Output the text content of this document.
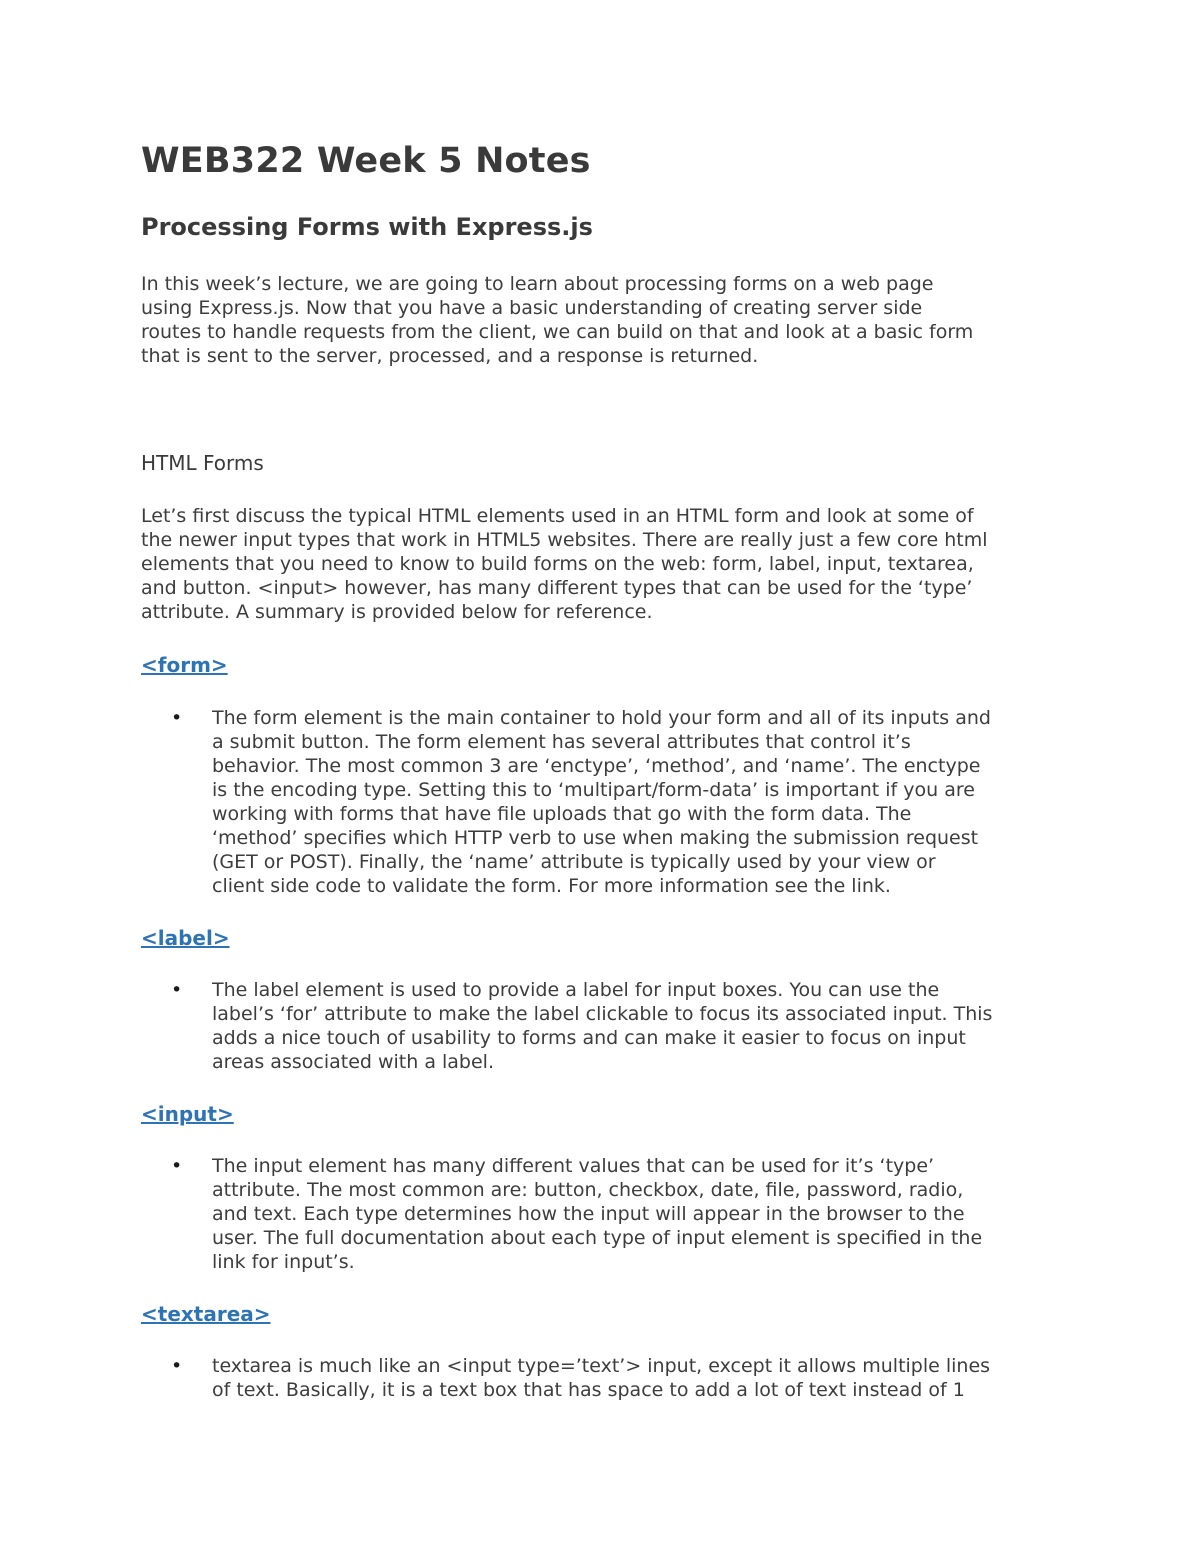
WEB322 Week 5 Notes
Processing Forms with Express.js

In this week’s lecture, we are going to learn about processing forms on a web page
using Express.js. Now that you have a basic understanding of creating server side
routes to handle requests from the client, we can build on that and look at a basic form
that is sent to the server, processed, and a response is returned.

HTML Forms

Let’s first discuss the typical HTML elements used in an HTML form and look at some of
the newer input types that work in HTML5 websites. There are really just a few core html
elements that you need to know to build forms on the web: form, label, input, textarea,
and button. <input> however, has many different types that can be used for the ‘type’
attribute. A summary is provided below for reference.

<form>
• The form element is the main container to hold your form and all of its inputs and
a submit button. The form element has several attributes that control it’s
behavior. The most common 3 are ‘enctype’, ‘method’, and ‘name’. The enctype
is the encoding type. Setting this to ‘multipart/form-data’ is important if you are
working with forms that have file uploads that go with the form data. The
‘method’ specifies which HTTP verb to use when making the submission request
(GET or POST). Finally, the ‘name’ attribute is typically used by your view or
client side code to validate the form. For more information see the link.
<label>
• The label element is used to provide a label for input boxes. You can use the
label’s ‘for’ attribute to make the label clickable to focus its associated input. This
adds a nice touch of usability to forms and can make it easier to focus on input
areas associated with a label.
<input>
• The input element has many different values that can be used for it’s ‘type’
attribute. The most common are: button, checkbox, date, file, password, radio,
and text. Each type determines how the input will appear in the browser to the
user. The full documentation about each type of input element is specified in the
link for input’s.
<textarea>
• textarea is much like an <input type=’text’> input, except it allows multiple lines
of text. Basically, it is a text box that has space to add a lot of text instead of 1
